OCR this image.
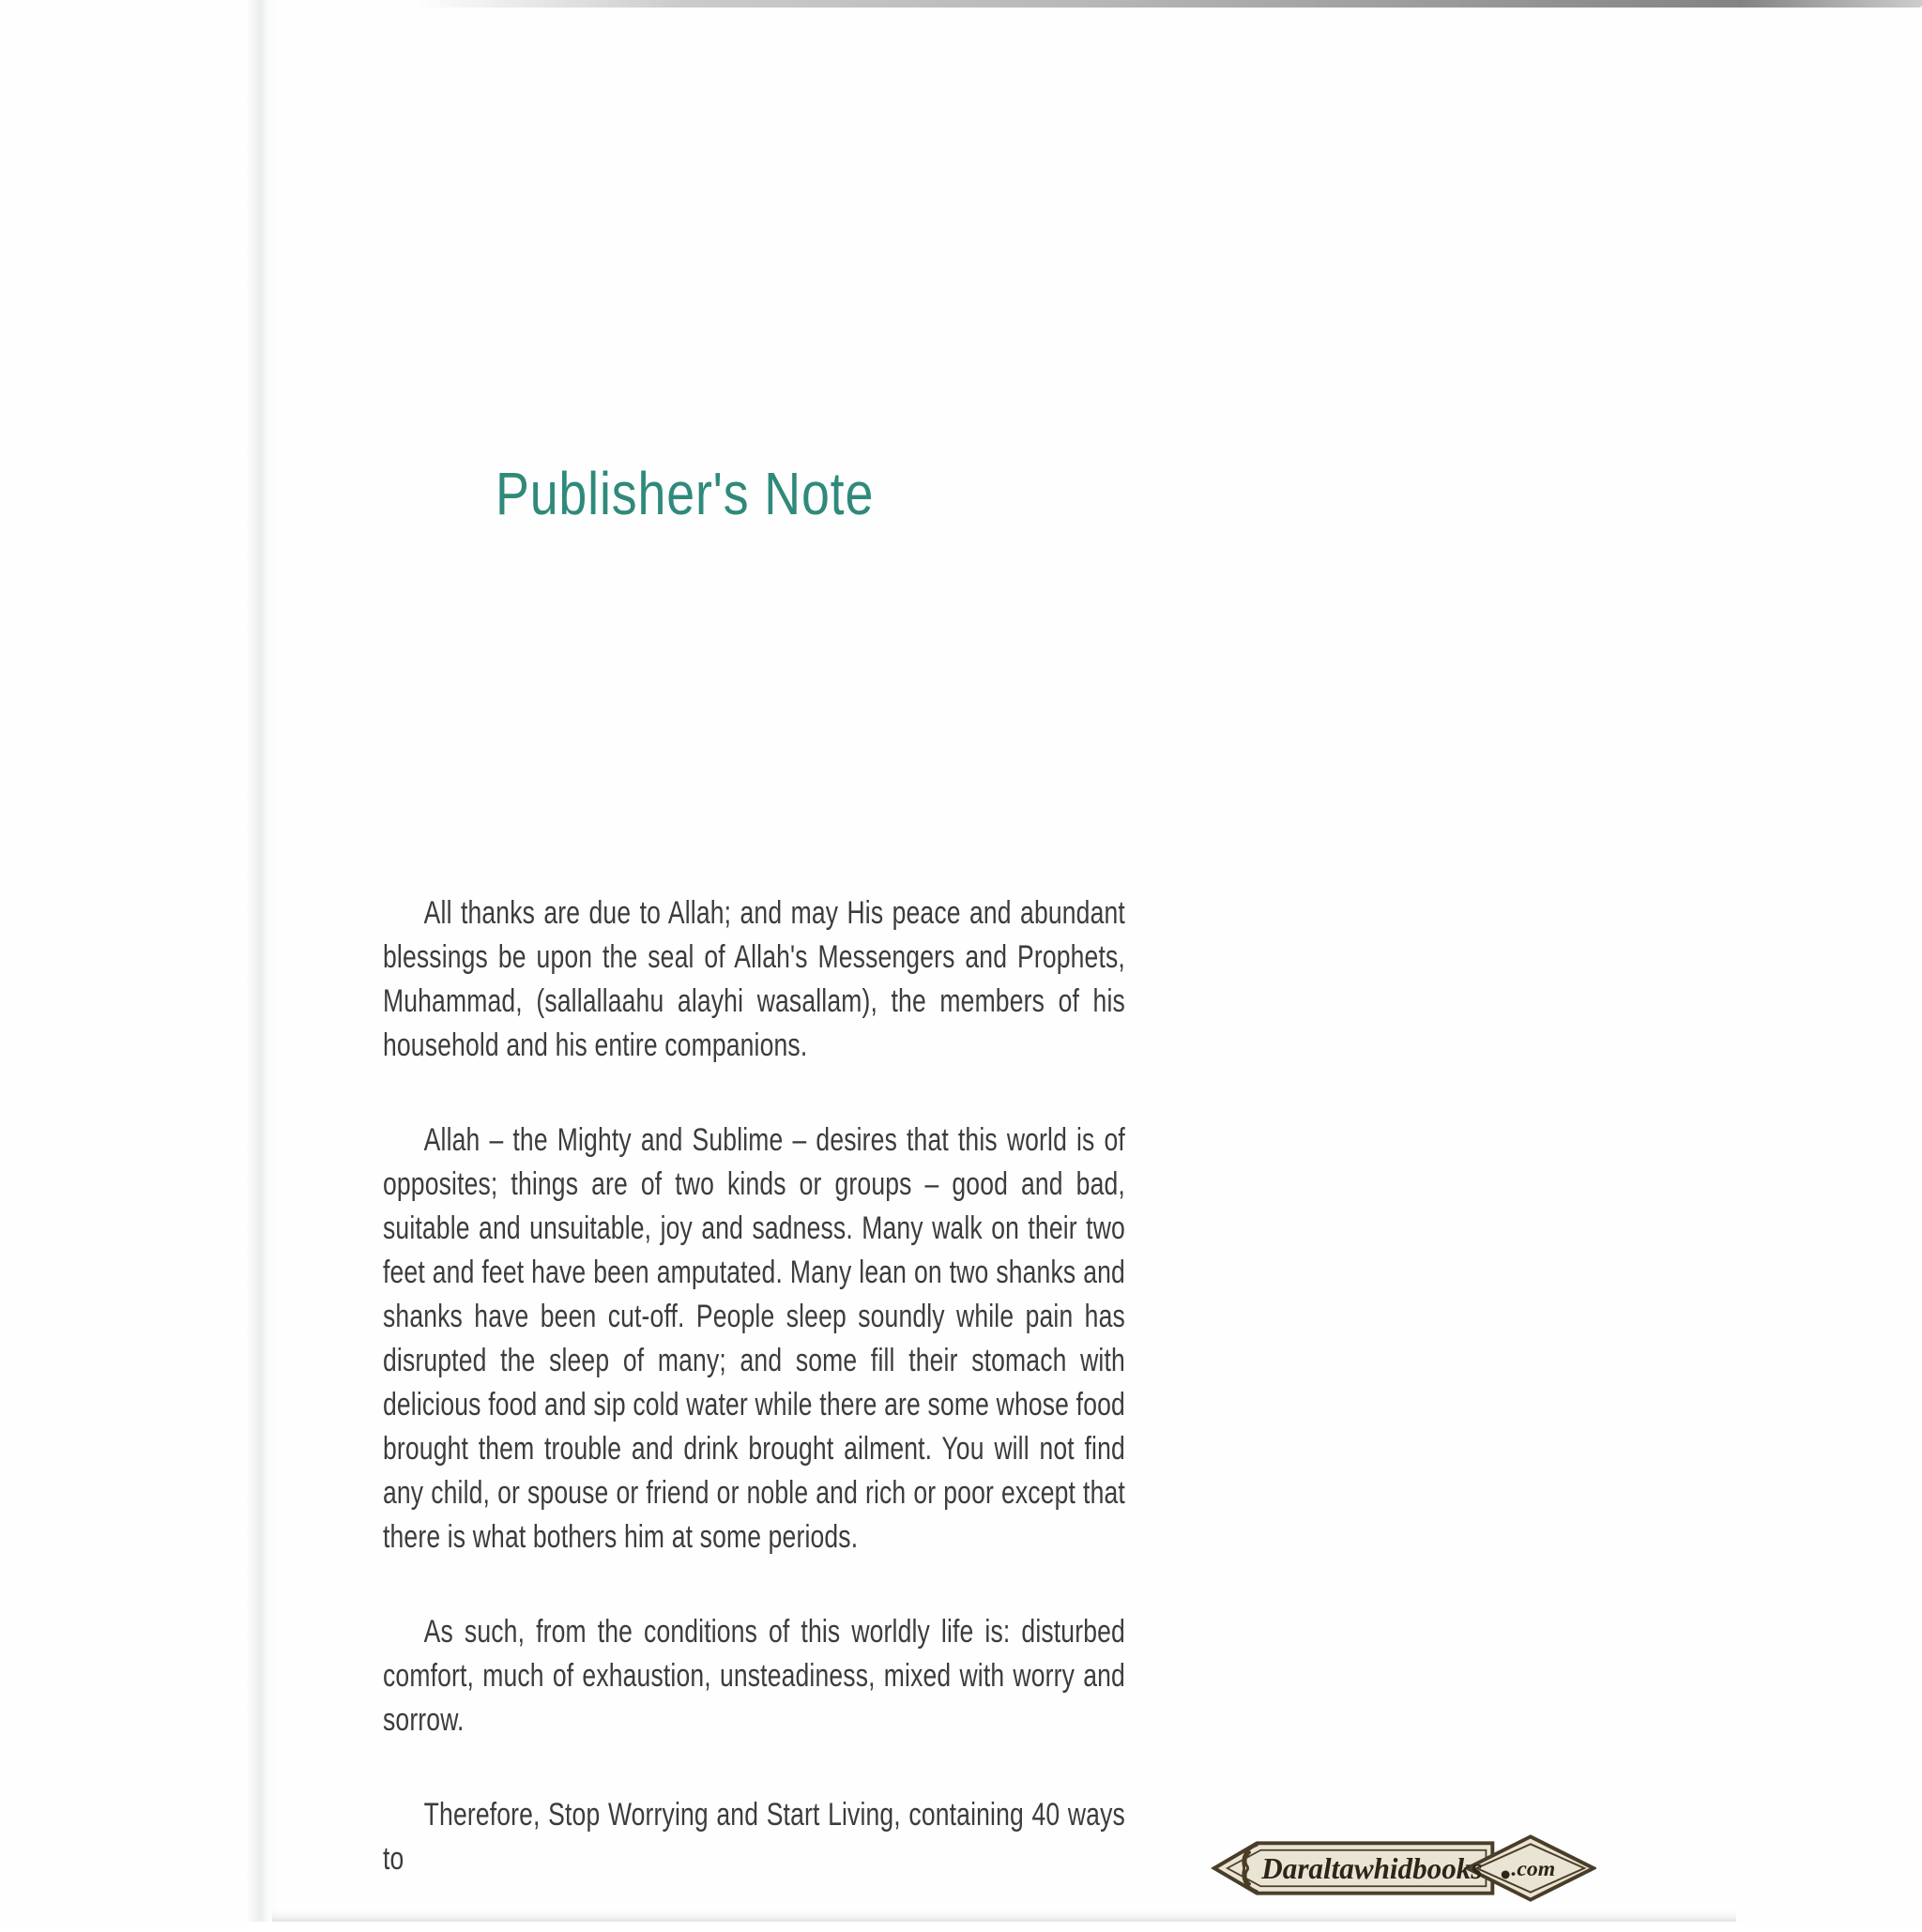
Publisher's Note

All thanks are due to Allah; and may His peace and abundant blessings be upon the seal of Allah's Messengers and Prophets, Muhammad, (sallallaahu alayhi wasallam), the members of his household and his entire companions.

Allah – the Mighty and Sublime – desires that this world is of opposites; things are of two kinds or groups – good and bad, suitable and unsuitable, joy and sadness. Many walk on their two feet and feet have been amputated. Many lean on two shanks and shanks have been cut-off. People sleep soundly while pain has disrupted the sleep of many; and some fill their stomach with delicious food and sip cold water while there are some whose food brought them trouble and drink brought ailment. You will not find any child, or spouse or friend or noble and rich or poor except that there is what bothers him at some periods.

As such, from the conditions of this worldly life is: disturbed comfort, much of exhaustion, unsteadiness, mixed with worry and sorrow.

Therefore, Stop Worrying and Start Living, containing 40 ways to	Daraltawhidbooks .com
